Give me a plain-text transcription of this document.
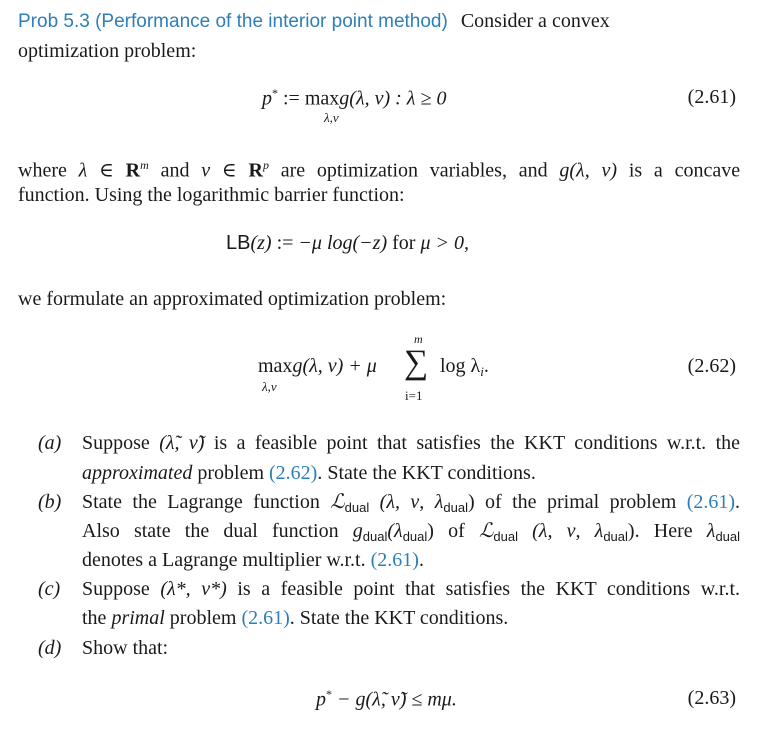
Prob 5.3 (Performance of the interior point method) Consider a convex
optimization problem:
p* := maxg(λ, ν) : λ ≥ 0
λ,ν
(2.61)
where λ ∈ $R^m$ and ν ∈ $R^p$ are optimization variables, and g(λ, ν) is a concave
function. Using the logarithmic barrier function:
LB(z) := −μ log(−z) for μ > 0,
we formulate an approximated optimization problem:
m
maxg(λ, ν) + μ ∑ $\log \lambda_i$.
λ,ν
i=1
(2.62)
(a) Suppose (λ̃, ν̃) is a feasible point that satisfies the KKT conditions w.r.t. the
approximated problem (2.62). State the KKT conditions.
(b) State the Lagrange function ℒ$_{dual}$ (λ, ν, $\lambda_{dual}$) of the primal problem (2.61).
Also state the dual function $g_{dual}(\lambda_{dual})$ of ℒ$_{dual}$ (λ, ν, $\lambda_{dual}$). Here $\lambda_{dual}$
denotes a Lagrange multiplier w.r.t. (2.61).
(c) Suppose (λ*, ν*) is a feasible point that satisfies the KKT conditions w.r.t.
the primal problem (2.61). State the KKT conditions.
(d) Show that:
p* − g(λ̃, ν̃) ≤ mμ.	(2.63)
